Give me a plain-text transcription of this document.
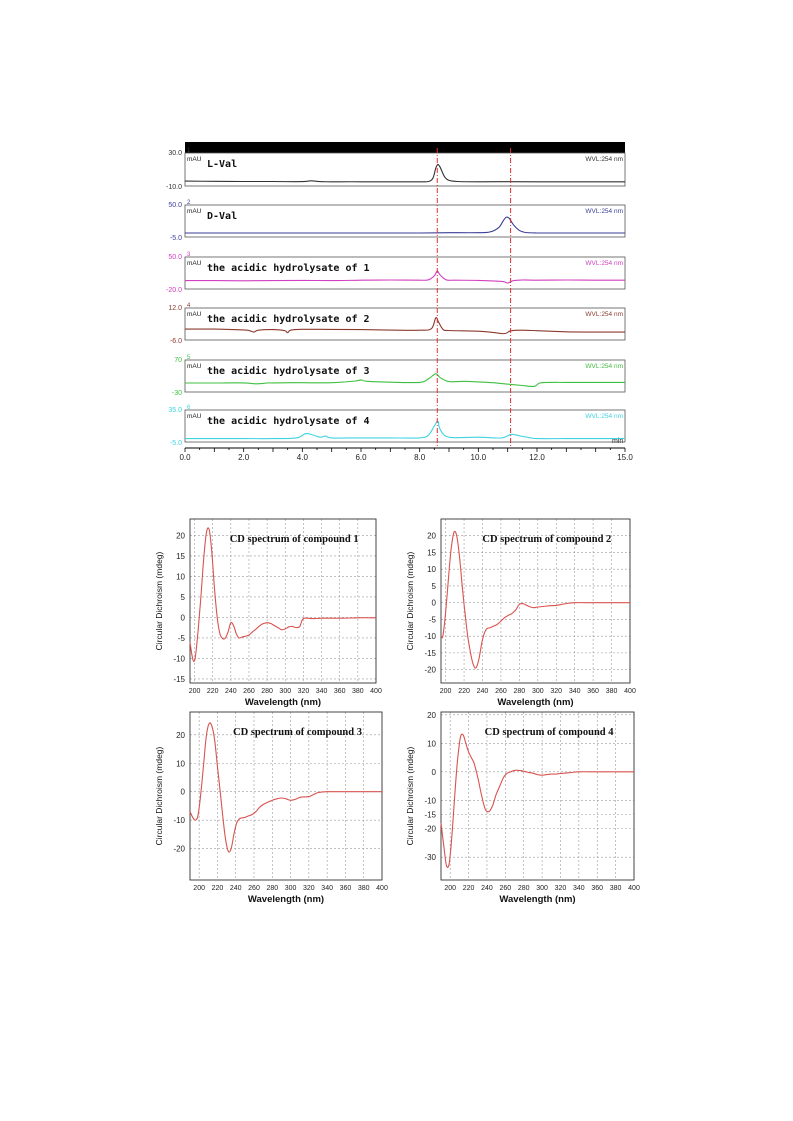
30.0
-10.0
1
mAU L-Val	WVL:254 nm
50.0
-5.0
2
mAU D-Val	WVL:254 nm
50.0
-20.0
3
mAU the acidic hydrolysate of 1	WVL:254 nm
12.0
-6.0
4
mAU the acidic hydrolysate of 2	WVL:254 nm
70
-30
5
mAU the acidic hydrolysate of 3	WVL:254 nm
35.0
-5.0
6
mAU the acidic hydrolysate of 4	WVL:254 nm
0.0	2.0	4.0	6.0	8.0	10.0	12.0	15.0
min
20
15
10
5
0
-5
-10
-15
200 220 240 260 280 300 320 340 360 380 400
CD spectrum of compound 1
Wavelength (nm)
Circular Dichroism (mdeg)
20
15
10
5
0
-5
-10
-15
-20
200 220 240 260 280 300 320 340 360 380 400
CD spectrum of compound 2
Wavelength (nm)
Circular Dichroism (mdeg)
20
10
0
-10
-20
200 220 240 260 280 300 320 340 360 380 400
CD spectrum of compound 3
Wavelength (nm)
Circular Dichroism (mdeg)
20
10
0
-10
-15
-20
-30
200 220 240 260 280 300 320 340 360 380 400
CD spectrum of compound 4
Wavelength (nm)
Circular Dichroism (mdeg)
